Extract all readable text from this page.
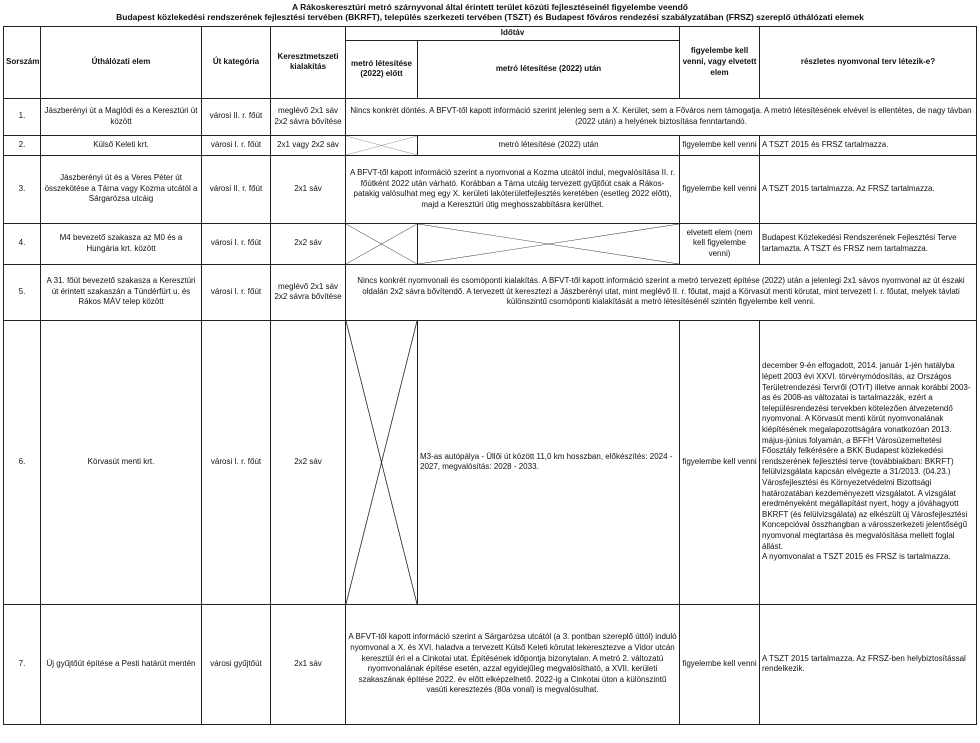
A Rákoskeresztúri metró szárnyvonal által érintett terület közúti fejlesztéseinél figyelembe veendő
Budapest közlekedési rendszerének fejlesztési tervében (BKRFT), település szerkezeti tervében (TSZT) és Budapest főváros rendezési szabályzatában (FRSZ) szereplő úthálózati elemek
Sorszám	Úthálózati elem	Út kategória	Keresztmetszeti kialakítás	Időtáv		figyelembe kell venni, vagy elvetett elem	részletes nyomvonal terv létezik-e?
				metró létesítése (2022) előtt	metró létesítése (2022) után		
1.	Jászberényi út a Maglódi és a Keresztúri út között	városi II. r. főút	meglévő 2x1 sáv 2x2 sávra bővítése	Nincs konkrét döntés. A BFVT-től kapott információ szerint jelenleg sem a X. Kerület, sem a Főváros nem támogatja. A metró létesítésének elvével is ellentétes, de nagy távban (2022 után) a helyének biztosítása fenntartandó.			
2.	Külső Keleti krt.	városi I. r. főút	2x1 vagy 2x2 sáv		metró létesítése (2022) után	figyelembe kell venni	A TSZT 2015 és FRSZ tartalmazza.
3.	Jászberényi út és a Veres Péter út összekötése a Tárna vagy Kozma utcától a Sárgarózsa utcáig	városi II. r. főút	2x1 sáv	A BFVT-től kapott információ szerint a nyomvonal a Kozma utcától indul, megvalósítása II. r. főútként 2022 után várható. Korábban a Tárna utcáig tervezett gyűjtőút csak a Rákos-patakig valósulhat meg egy X. kerületi lakóterületfejlesztés keretében (esetleg 2022 előtt), majd a Keresztúri útig meghosszabbításra kerülhet.		figyelembe kell venni	A TSZT 2015 tartalmazza. Az FRSZ tartalmazza.
4.	M4 bevezető szakasza az M0 és a Hungária krt. között	városi I. r. főút	2x2 sáv			elvetett elem (nem kell figyelembe venni)	Budapest Közlekedési Rendszerének Fejlesztési Terve tartamazta. A TSZT és FRSZ nem tartalmazza.
5.	A 31. főút bevezető szakasza a Keresztúri út érintett szakaszán a Tündérfürt u. és Rákos MÁV telep között	városi I. r. főút	meglévő 2x1 sáv 2x2 sávra bővítése	Nincs konkrét nyomvonali és csomóponti kialakítás. A BFVT-től kapott információ szerint a metró tervezett építése (2022) után a jelenlegi 2x1 sávos nyomvonal az út északi oldalán 2x2 sávra bővítendő. A tervezett út keresztezi a Jászberényi utat, mint meglévő II. r. főutat, majd a Körvasút menti körutat, mint tervezett I. r. főutat, melyek távlati különszintű csomóponti kialakítását a metró létesítésénél szintén figyelembe kell venni.			
6.	Körvasút menti krt.	városi I. r. főút	2x2 sáv		M3-as autópálya - Üllői út között 11,0 km hosszban, előkészítés: 2024 - 2027, megvalósítás: 2028 - 2033.	figyelembe kell venni	december 9-én elfogadott, 2014. január 1-jén hatályba lépett 2003 évi XXVI. törvénymódosítás, az Országos Területrendezési Tervről (OTrT) illetve annak korábbi 2003-as és 2008-as változatai is tartalmazzák, ezért a településrendezési tervekben kötelezően átvezetendő nyomvonal. A Körvasút menti körút nyomvonalának kiépítésének megalapozottságára vonatkozóan 2013. május-június folyamán, a BFFH Városüzemeltetési Főosztály felkérésére a BKK Budapest közlekedési rendszerének fejlesztési terve (továbbiakban: BKRFT) felülvizsgálata kapcsán elvégezte a 31/2013. (04.23.) Városfejlesztési és Környezetvédelmi Bizottsági határozatában kezdeményezett vizsgálatot. A vizsgálat eredményeként megállapítást nyert, hogy a jóváhagyott BKRFT (és felülvizsgálata) az elkészült új Városfejlesztési Koncepcióval összhangban a városszerkezeti jelentőségű nyomvonal megtartása és megvalósítása mellett foglal állást.
A nyomvonalat a TSZT 2015 és FRSZ is tartalmazza.

7.	Új gyűjtőút építése a Pesti határút mentén	városi gyűjtőút	2x1 sáv	A BFVT-től kapott információ szerint a Sárgarózsa utcától (a 3. pontban szereplő úttól) induló nyomvonal a X. és XVI. haladva a tervezett Külső Keleti körutat lekeresztezve a Vidor utcán keresztül éri el a Cinkotai utat. Építésének időpontja bizonytalan. A metró 2. változatú nyomvonalának építése esetén, azzal egyidejűleg megvalósítható, a XVII. kerületi szakaszának építése 2022. év előtt elképzelhető. 2022-ig a Cinkotai úton a különszintű vasúti keresztezés (80a vonal) is megvalósulhat.		figyelembe kell venni	A TSZT 2015 tartalmazza. Az FRSZ-ben helybiztosítással rendelkezik.
